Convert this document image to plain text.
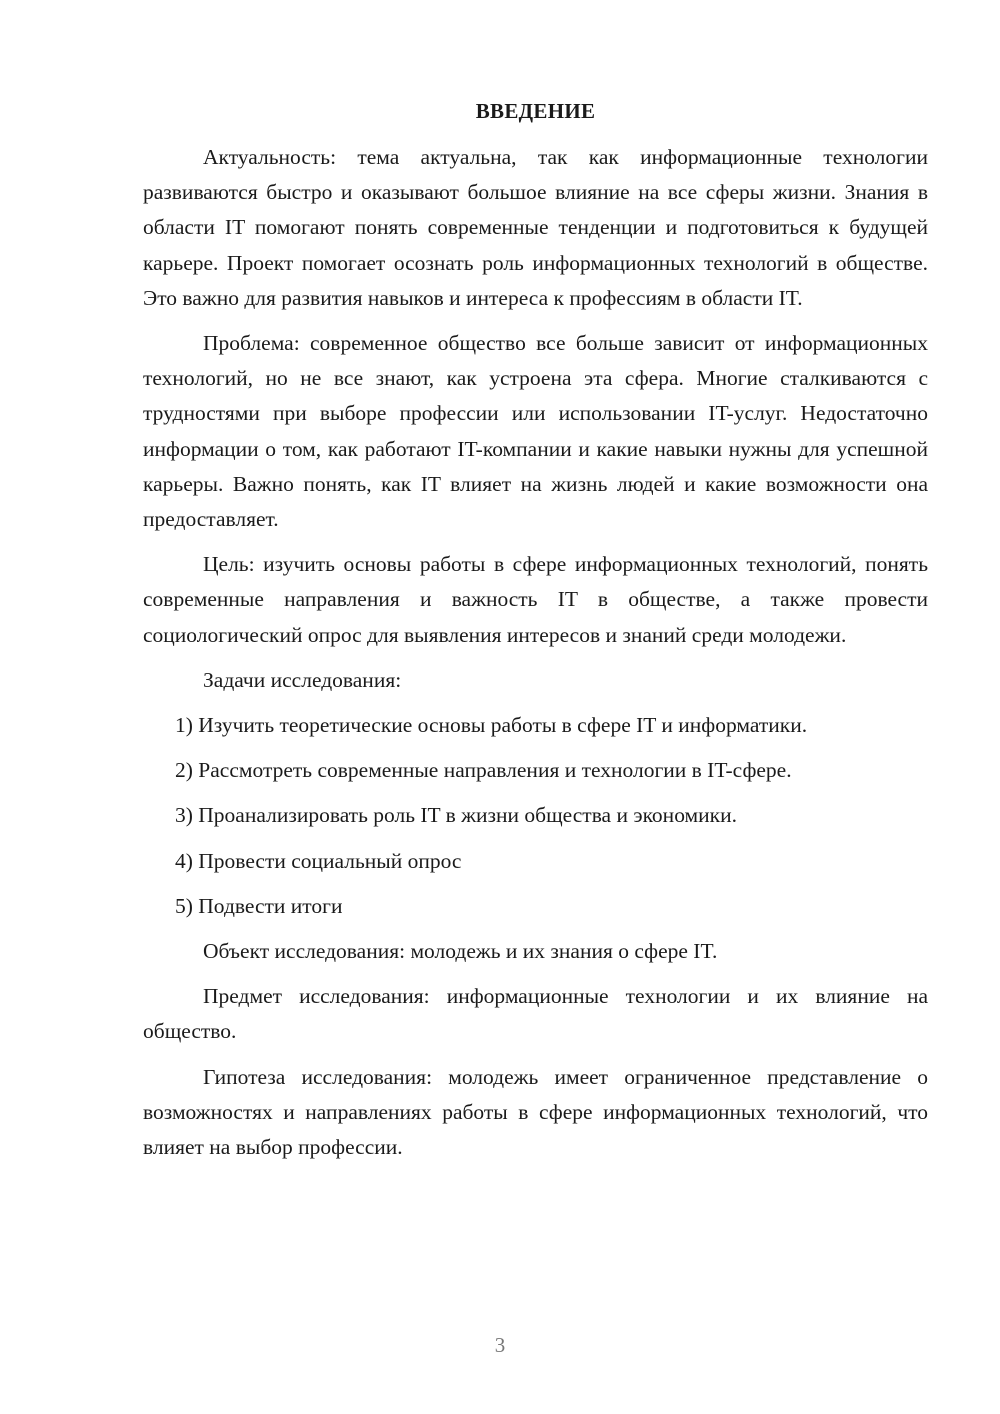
ВВЕДЕНИЕ

Актуальность: тема актуальна, так как информационные технологии развиваются быстро и оказывают большое влияние на все сферы жизни. Знания в области IT помогают понять современные тенденции и подготовиться к будущей карьере. Проект помогает осознать роль информационных технологий в обществе. Это важно для развития навыков и интереса к профессиям в области IT.

Проблема: современное общество все больше зависит от информационных технологий, но не все знают, как устроена эта сфера. Многие сталкиваются с трудностями при выборе профессии или использовании IT-услуг. Недостаточно информации о том, как работают IT-компании и какие навыки нужны для успешной карьеры. Важно понять, как IT влияет на жизнь людей и какие возможности она предоставляет.

Цель: изучить основы работы в сфере информационных технологий, понять современные направления и важность IT в обществе, а также провести социологический опрос для выявления интересов и знаний среди молодежи.

Задачи исследования:

1) Изучить теоретические основы работы в сфере IT и информатики.
2) Рассмотреть современные направления и технологии в IT-сфере.
3) Проанализировать роль IT в жизни общества и экономики.
4) Провести социальный опрос
5) Подвести итоги

Объект исследования: молодежь и их знания о сфере IT.

Предмет исследования: информационные технологии и их влияние на общество.

Гипотеза исследования: молодежь имеет ограниченное представление о возможностях и направлениях работы в сфере информационных технологий, что влияет на выбор профессии.

3
